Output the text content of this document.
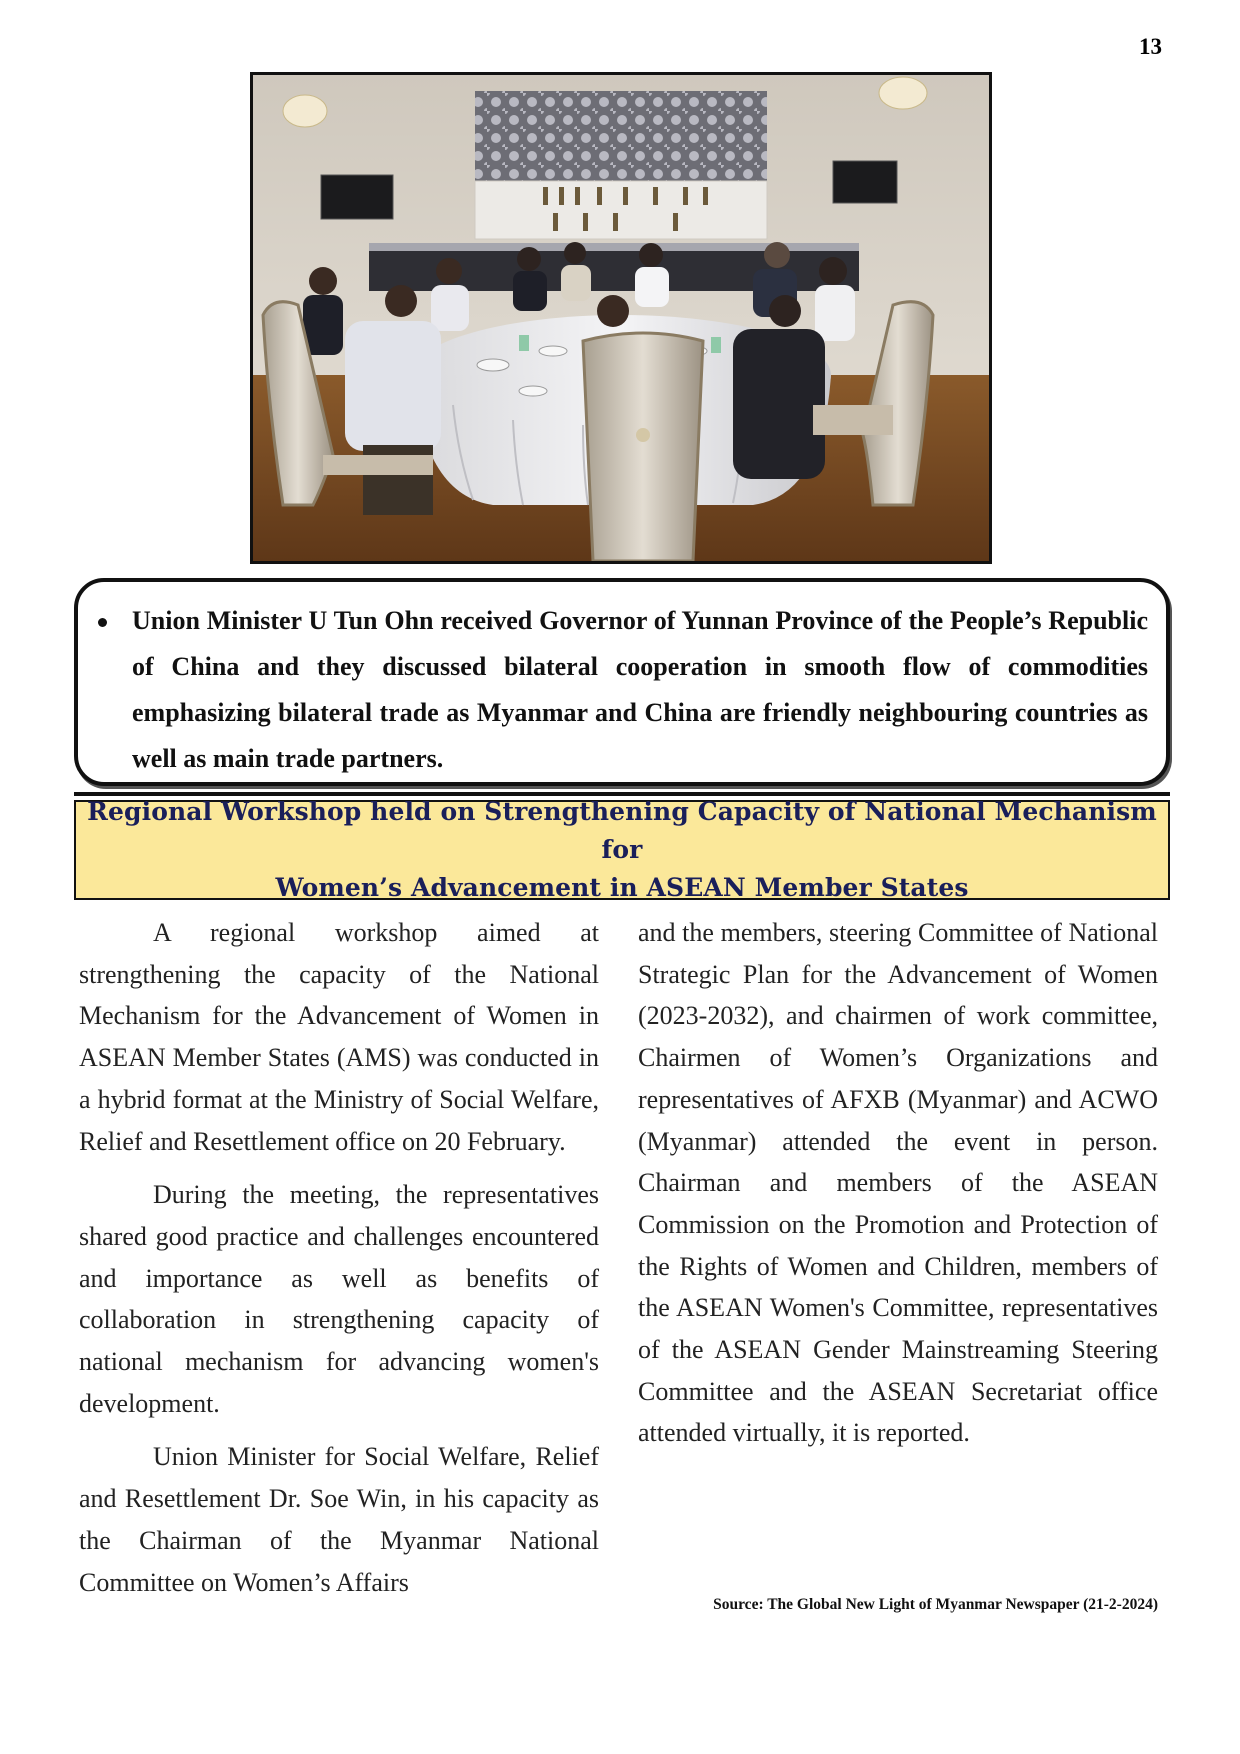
13
Union Minister U Tun Ohn received Governor of Yunnan Province of the People’s Republic of China and they discussed bilateral cooperation in smooth flow of commodities emphasizing bilateral trade as Myanmar and China are friendly neighbouring countries as well as main trade partners.
Regional Workshop held on Strengthening Capacity of National Mechanism for
Women’s Advancement in ASEAN Member States

A regional workshop aimed at strengthening the capacity of the National Mechanism for the Advancement of Women in ASEAN Member States (AMS) was conducted in a hybrid format at the Ministry of Social Welfare, Relief and Resettlement office on 20 February.

During the meeting, the representatives shared good practice and challenges encountered and importance as well as benefits of collaboration in strengthening capacity of national mechanism for advancing women's development.

Union Minister for Social Welfare, Relief and Resettlement Dr. Soe Win, in his capacity as the Chairman of the Myanmar National Committee on Women’s Affairs

and the members, steering Committee of National Strategic Plan for the Advancement of Women (2023-2032), and chairmen of work committee, Chairmen of Women’s Organizations and representatives of AFXB (Myanmar) and ACWO (Myanmar) attended the event in person. Chairman and members of the ASEAN Commission on the Promotion and Protection of the Rights of Women and Children, members of the ASEAN Women's Committee, representatives of the ASEAN Gender Mainstreaming Steering Committee and the ASEAN Secretariat office attended virtually, it is reported.

Source: The Global New Light of Myanmar Newspaper (21-2-2024)
